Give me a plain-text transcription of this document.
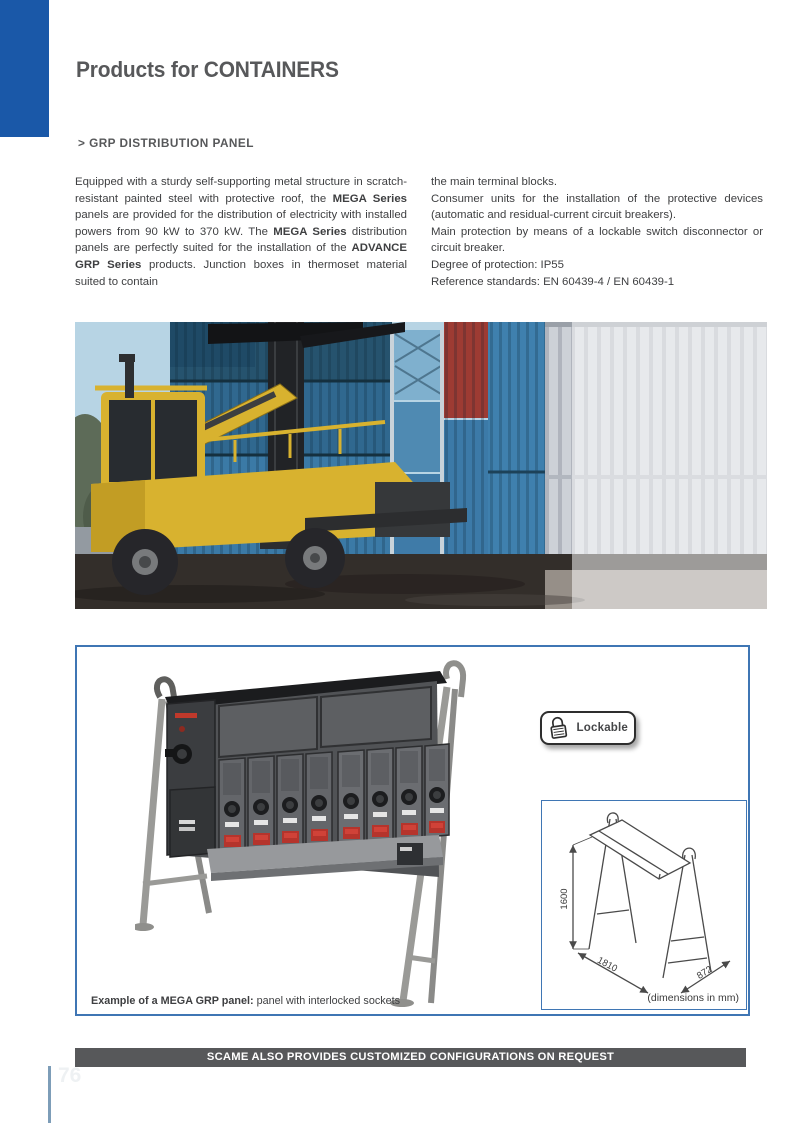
Products for CONTAINERS
> GRP DISTRIBUTION PANEL

Equipped with a sturdy self-supporting metal structure in scratch-resistant painted steel with protective roof, the MEGA Series panels are provided for the distribution of electricity with installed powers from 90 kW to 370 kW. The MEGA Series distribution panels are perfectly suited for the installation of the ADVANCE GRP Series products. Junction boxes in thermoset material suited to contain

the main terminal blocks.

Consumer units for the installation of the protective devices (automatic and residual-current circuit breakers).

Main protection by means of a lockable switch disconnector or circuit breaker.

Degree of protection: IP55

Reference standards: EN 60439-4 / EN 60439-1

Lockable
1600
1810	872
(dimensions in mm)
Example of a MEGA GRP panel: panel with interlocked sockets
SCAME ALSO PROVIDES CUSTOMIZED CONFIGURATIONS ON REQUEST
76
